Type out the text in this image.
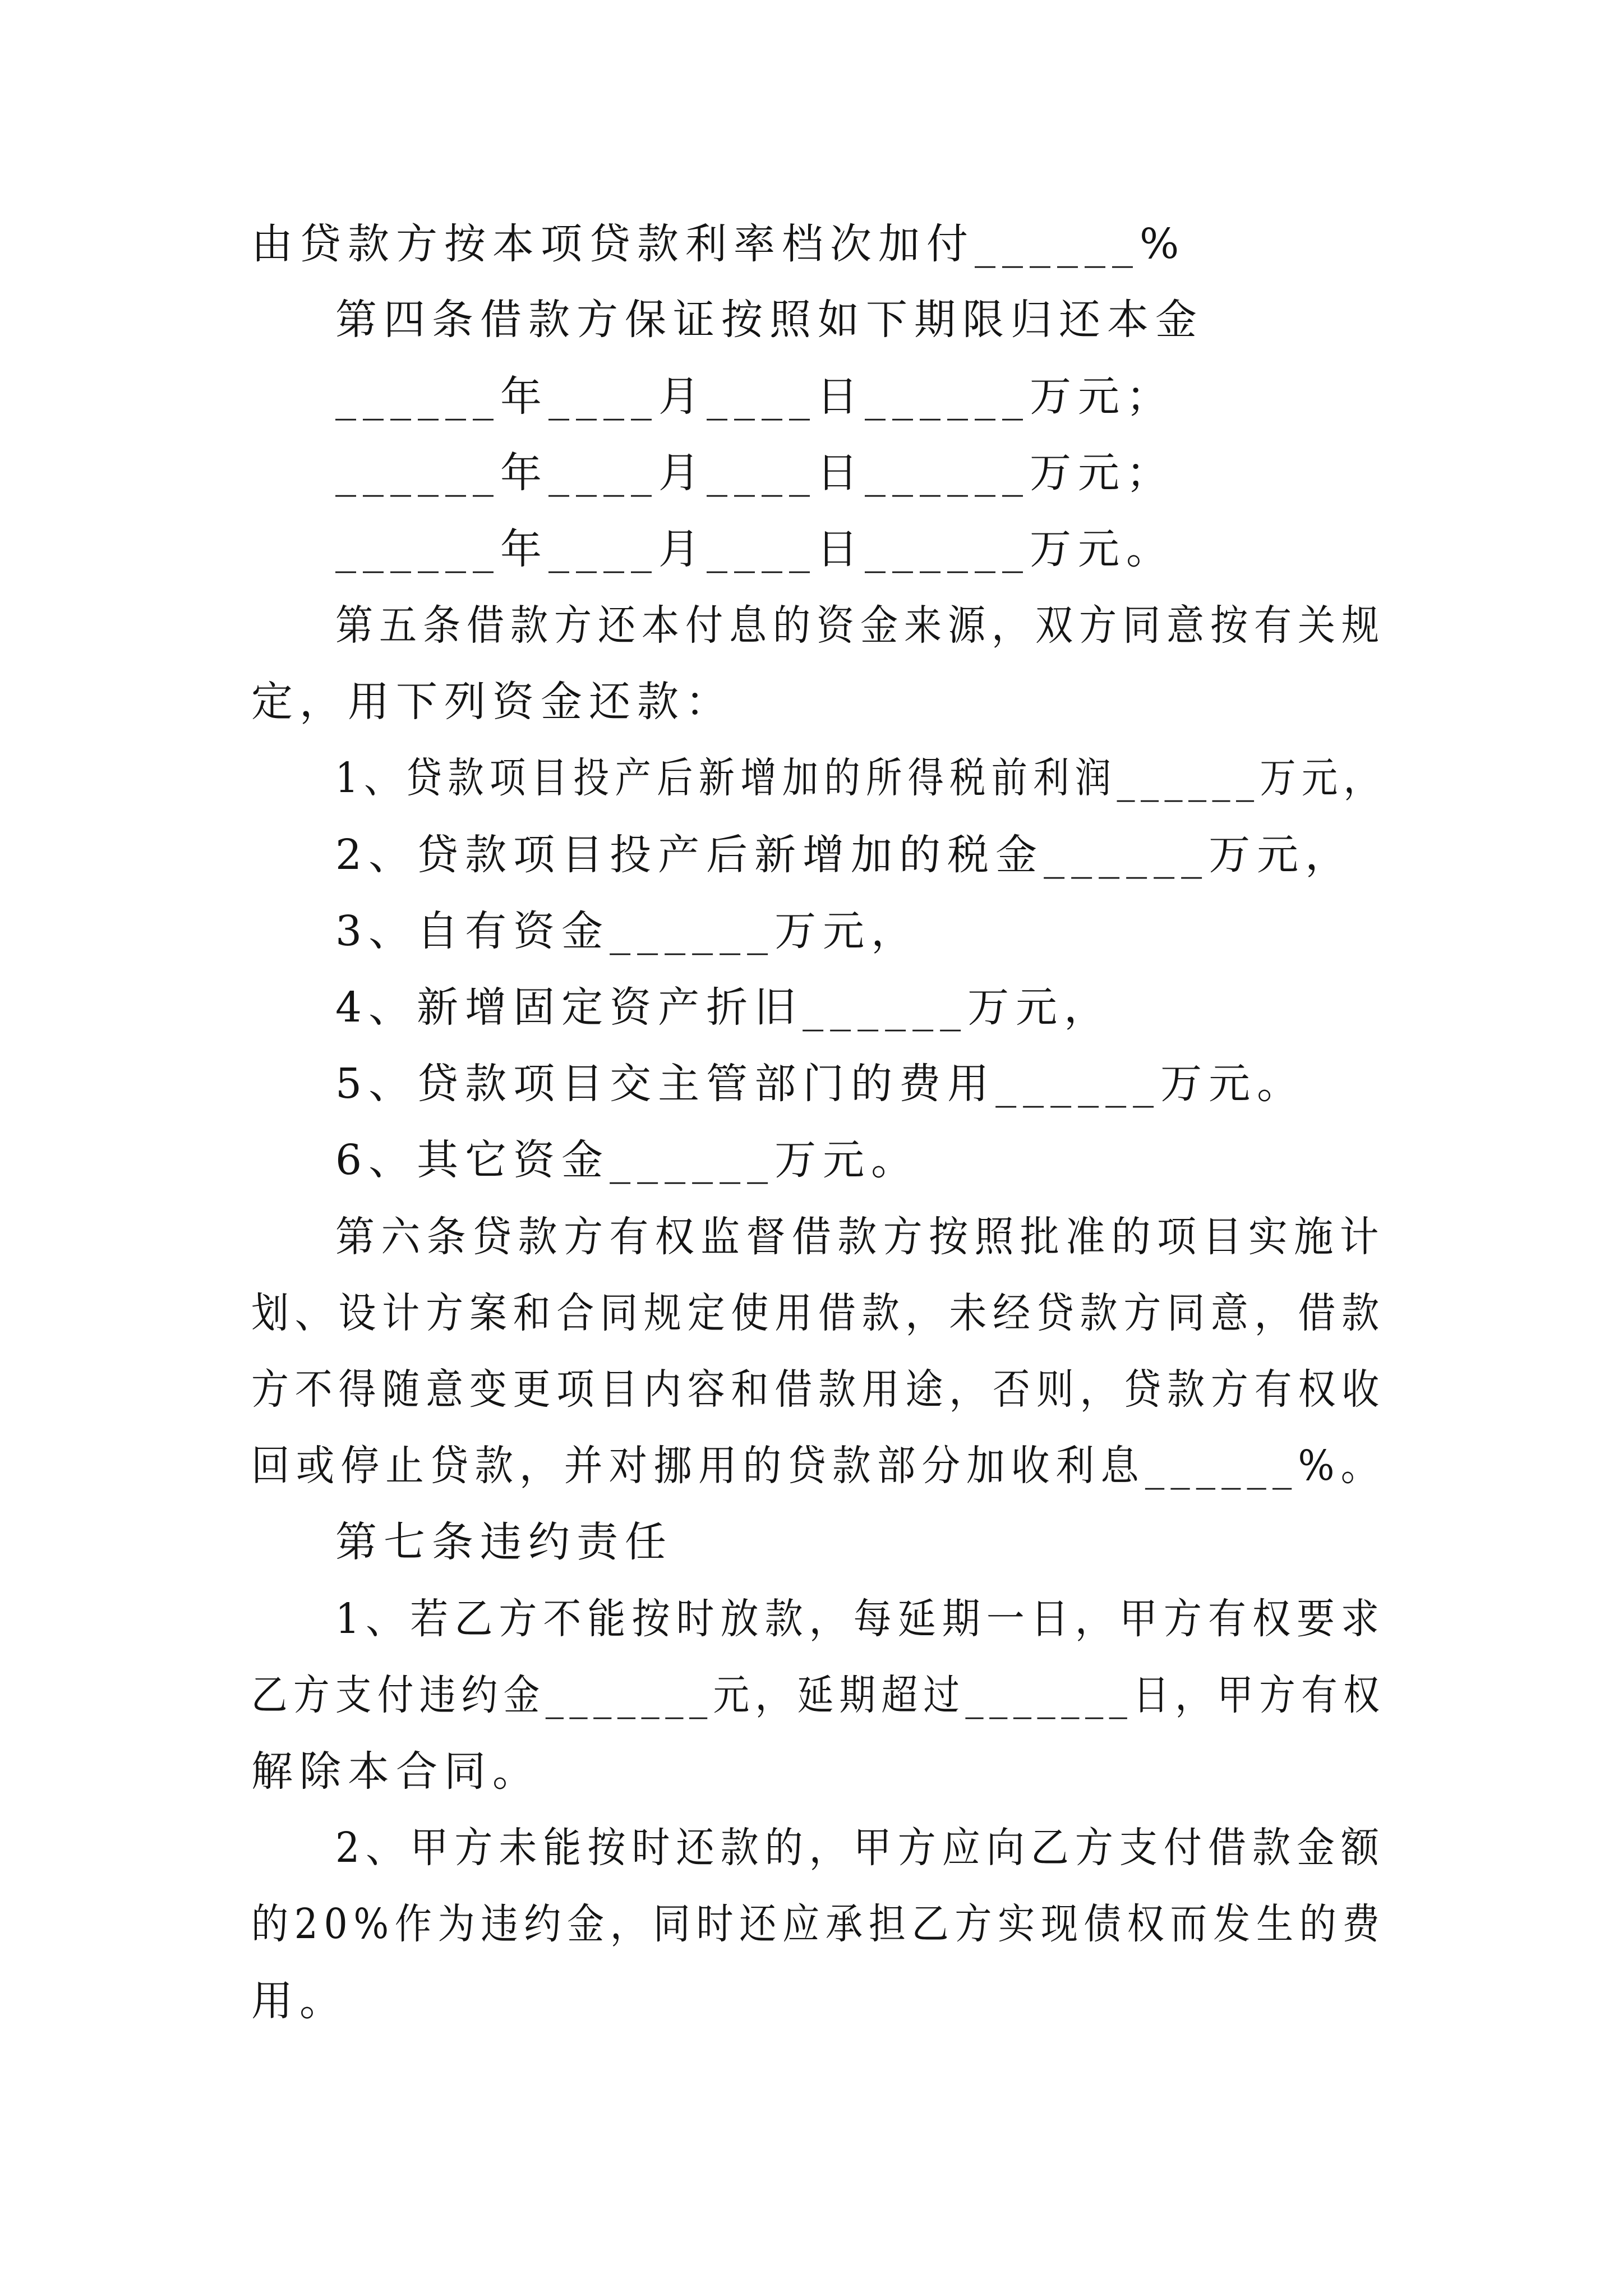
由贷款方按本项贷款利率档次加付______%
第四条借款方保证按照如下期限归还本金
______年____月____日______万元；
______年____月____日______万元；
______年____月____日______万元。
第五条借款方还本付息的资金来源，双方同意按有关规
定，用下列资金还款：
1、贷款项目投产后新增加的所得税前利润______万元，
2、贷款项目投产后新增加的税金______万元，
3、自有资金______万元，
4、新增固定资产折旧______万元，
5、贷款项目交主管部门的费用______万元。
6、其它资金______万元。
第六条贷款方有权监督借款方按照批准的项目实施计
划、设计方案和合同规定使用借款，未经贷款方同意，借款
方不得随意变更项目内容和借款用途，否则，贷款方有权收
回或停止贷款，并对挪用的贷款部分加收利息______%。
第七条违约责任
1、若乙方不能按时放款，每延期一日，甲方有权要求
乙方支付违约金_______元，延期超过_______日，甲方有权
解除本合同。
2、甲方未能按时还款的，甲方应向乙方支付借款金额
的20%作为违约金，同时还应承担乙方实现债权而发生的费
用。
